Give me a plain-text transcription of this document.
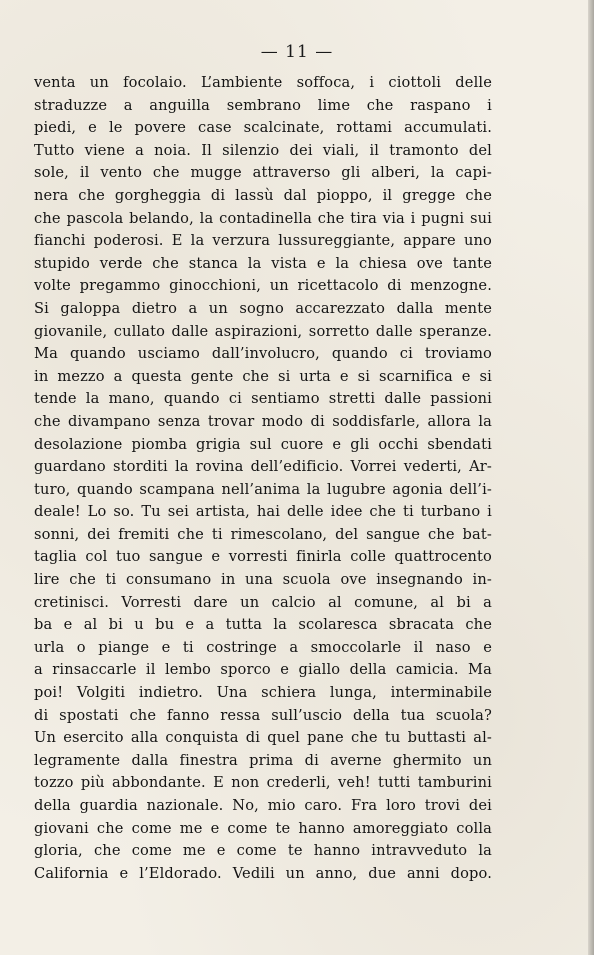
— 11 —
venta un focolaio. L’ambiente soffoca, i ciottoli delle
straduzze a anguilla sembrano lime che raspano i
piedi, e le povere case scalcinate, rottami accumulati.
Tutto viene a noia. Il silenzio dei viali, il tramonto del
sole, il vento che mugge attraverso gli alberi, la capi-
nera che gorgheggia di lassù dal pioppo, il gregge che
che pascola belando, la contadinella che tira via i pugni sui
fianchi poderosi. E la verzura lussureggiante, appare uno
stupido verde che stanca la vista e la chiesa ove tante
volte pregammo ginocchioni, un ricettacolo di menzogne.
Si galoppa dietro a un sogno accarezzato dalla mente
giovanile, cullato dalle aspirazioni, sorretto dalle speranze.
Ma quando usciamo dall’involucro, quando ci troviamo
in mezzo a questa gente che si urta e si scarnifica e si
tende la mano, quando ci sentiamo stretti dalle passioni
che divampano senza trovar modo di soddisfarle, allora la
desolazione piomba grigia sul cuore e gli occhi sbendati
guardano storditi la rovina dell’edificio. Vorrei vederti, Ar-
turo, quando scampana nell’anima la lugubre agonia dell’i-
deale! Lo so. Tu sei artista, hai delle idee che ti turbano i
sonni, dei fremiti che ti rimescolano, del sangue che bat-
taglia col tuo sangue e vorresti finirla colle quattrocento
lire che ti consumano in una scuola ove insegnando in-
cretinisci. Vorresti dare un calcio al comune, al bi a
ba e al bi u bu e a tutta la scolaresca sbracata che
urla o piange e ti costringe a smoccolarle il naso e
a rinsaccarle il lembo sporco e giallo della camicia. Ma
poi! Volgiti indietro. Una schiera lunga, interminabile
di spostati che fanno ressa sull’uscio della tua scuola?
Un esercito alla conquista di quel pane che tu buttasti al-
legramente dalla finestra prima di averne ghermito un
tozzo più abbondante. E non crederli, veh! tutti tamburini
della guardia nazionale. No, mio caro. Fra loro trovi dei
giovani che come me e come te hanno amoreggiato colla
gloria, che come me e come te hanno intravveduto la
California e l’Eldorado. Vedili un anno, due anni dopo.
